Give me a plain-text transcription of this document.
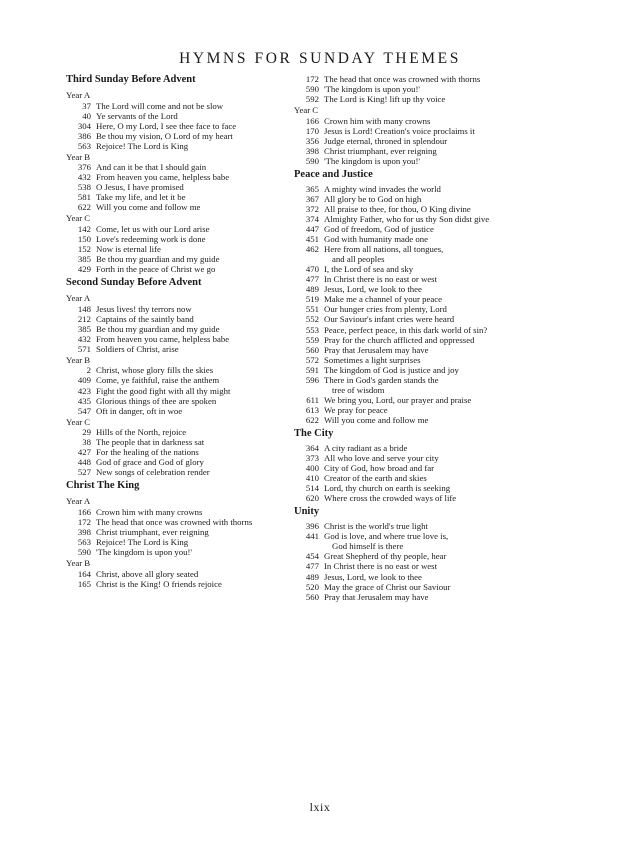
HYMNS FOR SUNDAY THEMES
Third Sunday Before Advent
Year A
37 The Lord will come and not be slow
40 Ye servants of the Lord
304 Here, O my Lord, I see thee face to face
386 Be thou my vision, O Lord of my heart
563 Rejoice! The Lord is King
Year B
376 And can it be that I should gain
432 From heaven you came, helpless babe
538 O Jesus, I have promised
581 Take my life, and let it be
622 Will you come and follow me
Year C
142 Come, let us with our Lord arise
150 Love's redeeming work is done
152 Now is eternal life
385 Be thou my guardian and my guide
429 Forth in the peace of Christ we go
Second Sunday Before Advent
Year A
148 Jesus lives! thy terrors now
212 Captains of the saintly band
385 Be thou my guardian and my guide
432 From heaven you came, helpless babe
571 Soldiers of Christ, arise
Year B
2 Christ, whose glory fills the skies
409 Come, ye faithful, raise the anthem
423 Fight the good fight with all thy might
435 Glorious things of thee are spoken
547 Oft in danger, oft in woe
Year C
29 Hills of the North, rejoice
38 The people that in darkness sat
427 For the healing of the nations
448 God of grace and God of glory
527 New songs of celebration render
Christ The King
Year A
166 Crown him with many crowns
172 The head that once was crowned with thorns
398 Christ triumphant, ever reigning
563 Rejoice! The Lord is King
590 'The kingdom is upon you!'
Year B
164 Christ, above all glory seated
165 Christ is the King! O friends rejoice
172 The head that once was crowned with thorns
590 'The kingdom is upon you!'
592 The Lord is King! lift up thy voice
Year C
166 Crown him with many crowns
170 Jesus is Lord! Creation's voice proclaims it
356 Judge eternal, throned in splendour
398 Christ triumphant, ever reigning
590 'The kingdom is upon you!'
Peace and Justice
365 A mighty wind invades the world
367 All glory be to God on high
372 All praise to thee, for thou, O King divine
374 Almighty Father, who for us thy Son didst give
447 God of freedom, God of justice
451 God with humanity made one
462 Here from all nations, all tongues,
and all peoples
470 I, the Lord of sea and sky
477 In Christ there is no east or west
489 Jesus, Lord, we look to thee
519 Make me a channel of your peace
551 Our hunger cries from plenty, Lord
552 Our Saviour's infant cries were heard
553 Peace, perfect peace, in this dark world of sin?
559 Pray for the church afflicted and oppressed
560 Pray that Jerusalem may have
572 Sometimes a light surprises
591 The kingdom of God is justice and joy
596 There in God's garden stands the
tree of wisdom
611 We bring you, Lord, our prayer and praise
613 We pray for peace
622 Will you come and follow me
The City
364 A city radiant as a bride
373 All who love and serve your city
400 City of God, how broad and far
410 Creator of the earth and skies
514 Lord, thy church on earth is seeking
620 Where cross the crowded ways of life
Unity
396 Christ is the world's true light
441 God is love, and where true love is,
God himself is there
454 Great Shepherd of thy people, hear
477 In Christ there is no east or west
489 Jesus, Lord, we look to thee
520 May the grace of Christ our Saviour
560 Pray that Jerusalem may have
lxix
